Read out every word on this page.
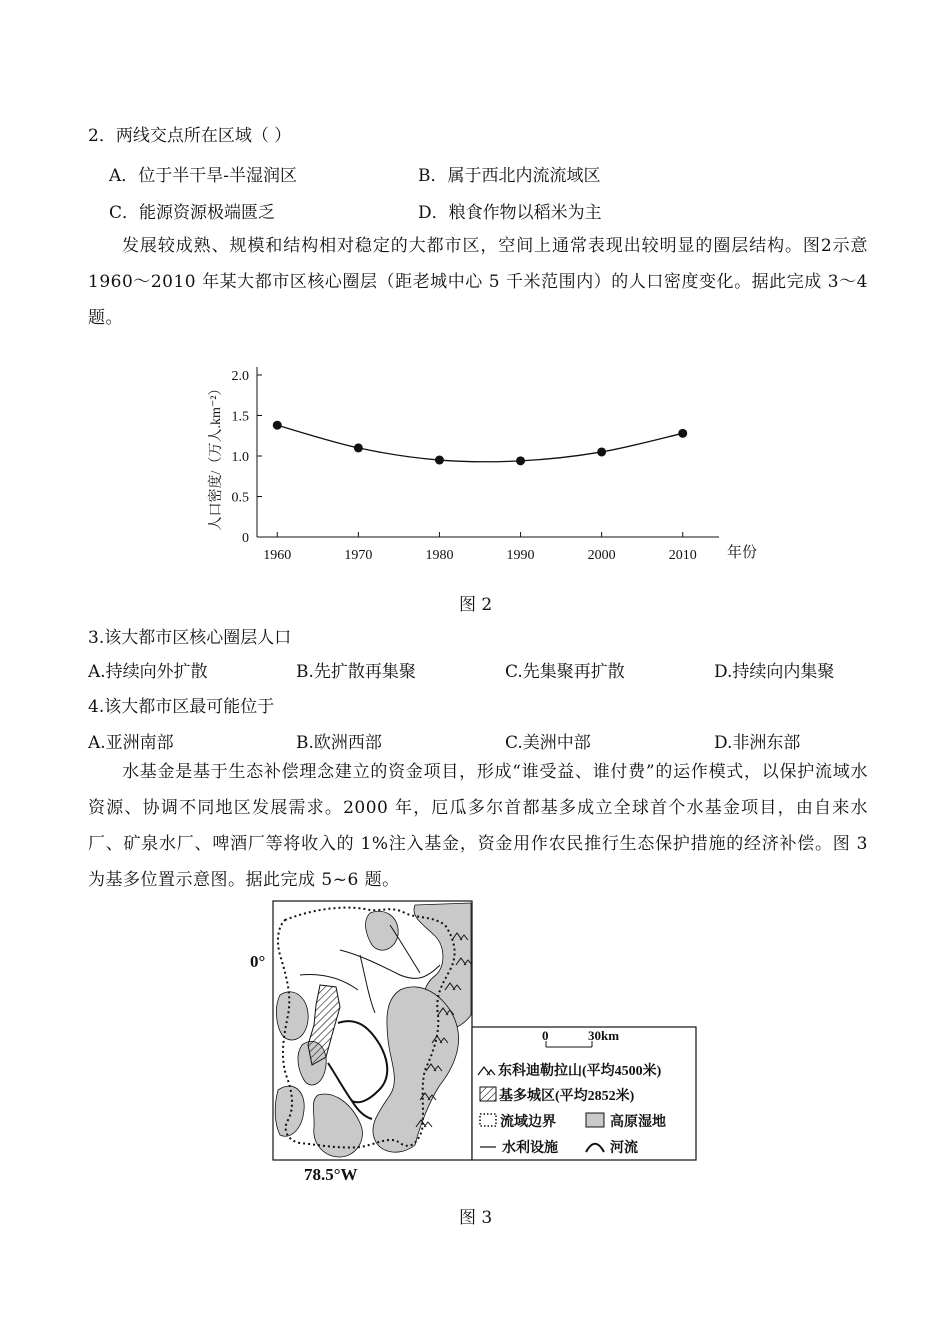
2．两线交点所在区域（ ）
A．位于半干旱-半湿润区	B．属于西北内流流域区
C．能源资源极端匮乏	D．粮食作物以稻米为主
发展较成熟、规模和结构相对稳定的大都市区，空间上通常表现出较明显的圈层结构。图2示意 1960～2010 年某大都市区核心圈层（距老城中心 5 千米范围内）的人口密度变化。据此完成 3～4 题。
0
0.5
1.0
1.5
2.0
1960	1970	1980	1990	2000	2010 年份
人口密度/（万人.km⁻²）
图 2
3.该大都市区核心圈层人口
A.持续向外扩散	B.先扩散再集聚	C.先集聚再扩散	D.持续向内集聚
4.该大都市区最可能位于
A.亚洲南部	B.欧洲西部	C.美洲中部	D.非洲东部
水基金是基于生态补偿理念建立的资金项目，形成“谁受益、谁付费”的运作模式，以保护流域水资源、协调不同地区发展需求。2000 年，厄瓜多尔首都基多成立全球首个水基金项目，由自来水厂、矿泉水厂、啤酒厂等将收入的 1%注入基金，资金用作农民推行生态保护措施的经济补偿。图 3 为基多位置示意图。据此完成 5~6 题。
0°
78.5°W
0	30km
东科迪勒拉山(平均4500米)
基多城区(平均2852米)
流域边界	高原湿地
水利设施	河流
图 3
